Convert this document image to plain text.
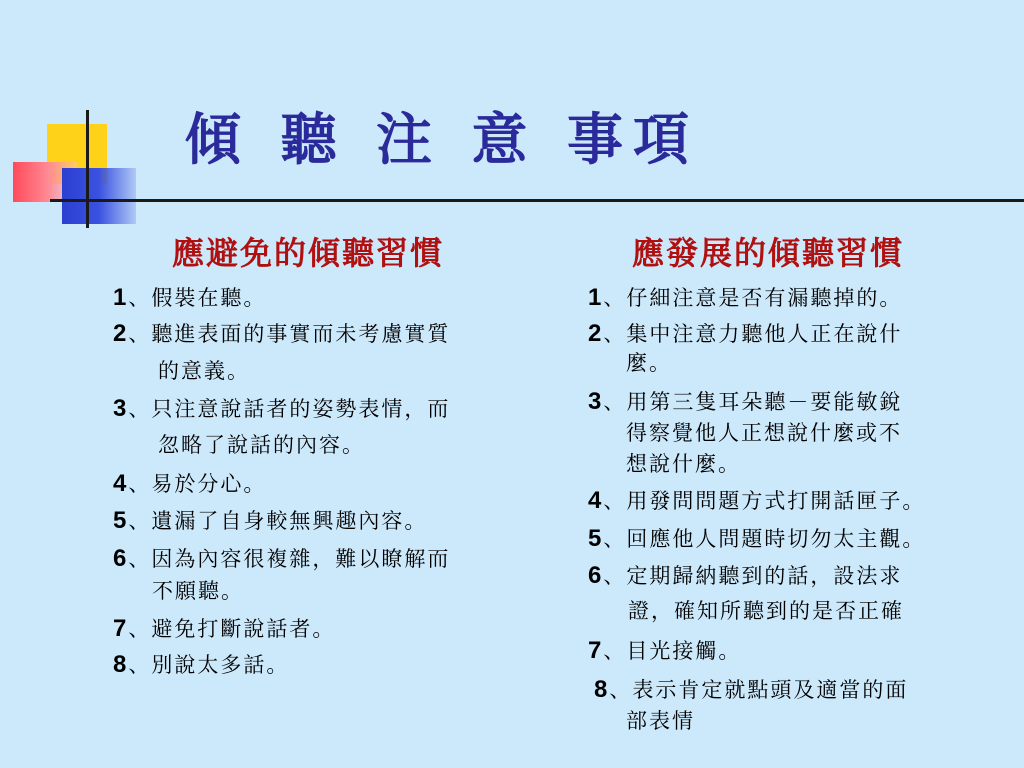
傾 聽 注 意 事項
應避免的傾聽習慣	應發展的傾聽習慣
1、假裝在聽。
2、聽進表面的事實而未考慮實質
的意義。
3、只注意說話者的姿勢表情，而
忽略了說話的內容。
4、易於分心。
5、遺漏了自身較無興趣內容。
6、因為內容很複雜，難以瞭解而
不願聽。
7、避免打斷說話者。
8、別說太多話。
1、仔細注意是否有漏聽掉的。
2、集中注意力聽他人正在說什
麼。
3、用第三隻耳朵聽－要能敏銳
得察覺他人正想說什麼或不
想說什麼。
4、用發問問題方式打開話匣子。
5、回應他人問題時切勿太主觀。
6、定期歸納聽到的話，設法求
證，確知所聽到的是否正確
7、目光接觸。
8、表示肯定就點頭及適當的面
部表情
